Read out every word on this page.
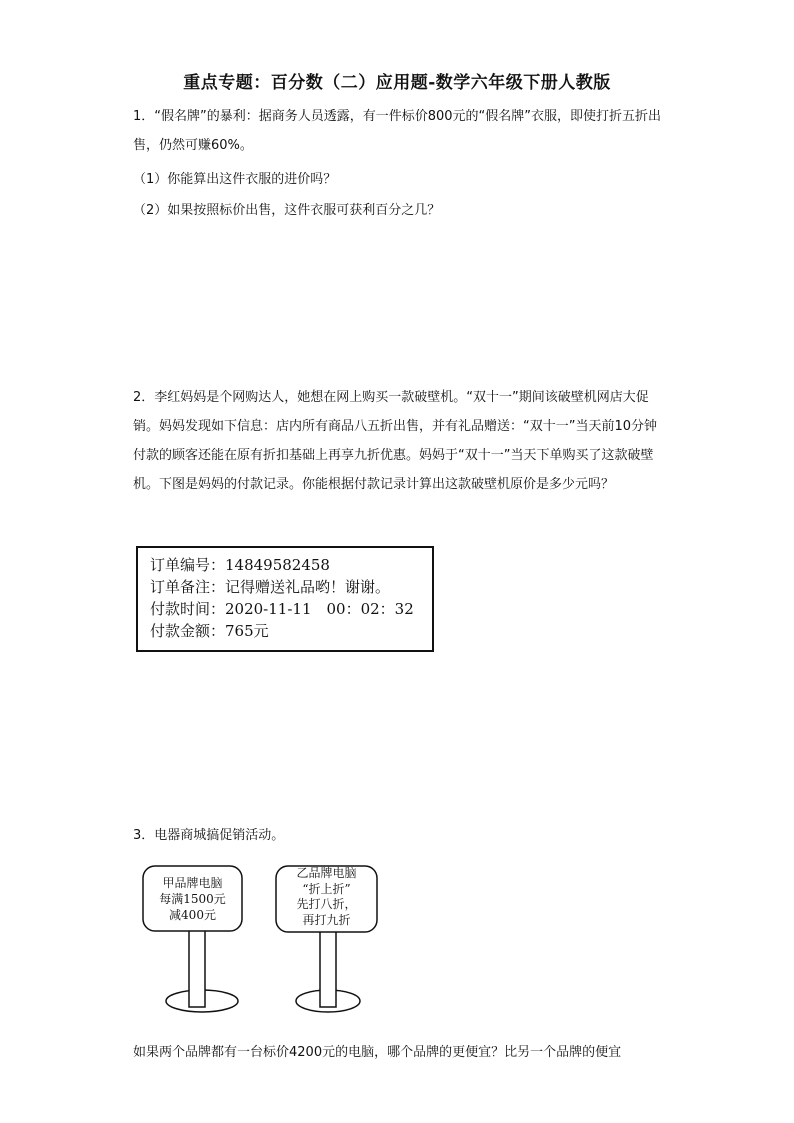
重点专题：百分数（二）应用题-数学六年级下册人教版
1．“假名牌”的暴利：据商务人员透露，有一件标价800元的“假名牌”衣服，即使打折五折出售，仍然可赚60%。
（1）你能算出这件衣服的进价吗？
（2）如果按照标价出售，这件衣服可获利百分之几？
2．李红妈妈是个网购达人，她想在网上购买一款破壁机。“双十一”期间该破壁机网店大促销。妈妈发现如下信息：店内所有商品八五折出售，并有礼品赠送：“双十一”当天前10分钟付款的顾客还能在原有折扣基础上再享九折优惠。妈妈于“双十一”当天下单购买了这款破壁机。下图是妈妈的付款记录。你能根据付款记录计算出这款破壁机原价是多少元吗？
订单编号：14849582458
订单备注：记得赠送礼品哟！谢谢。
付款时间：2020-11-11　00：02：32
付款金额：765元
3．电器商城搞促销活动。
甲品牌电脑
每满1500元
减400元
乙品牌电脑
“折上折”
先打八折，
再打九折
如果两个品牌都有一台标价4200元的电脑，哪个品牌的更便宜？比另一个品牌的便宜
